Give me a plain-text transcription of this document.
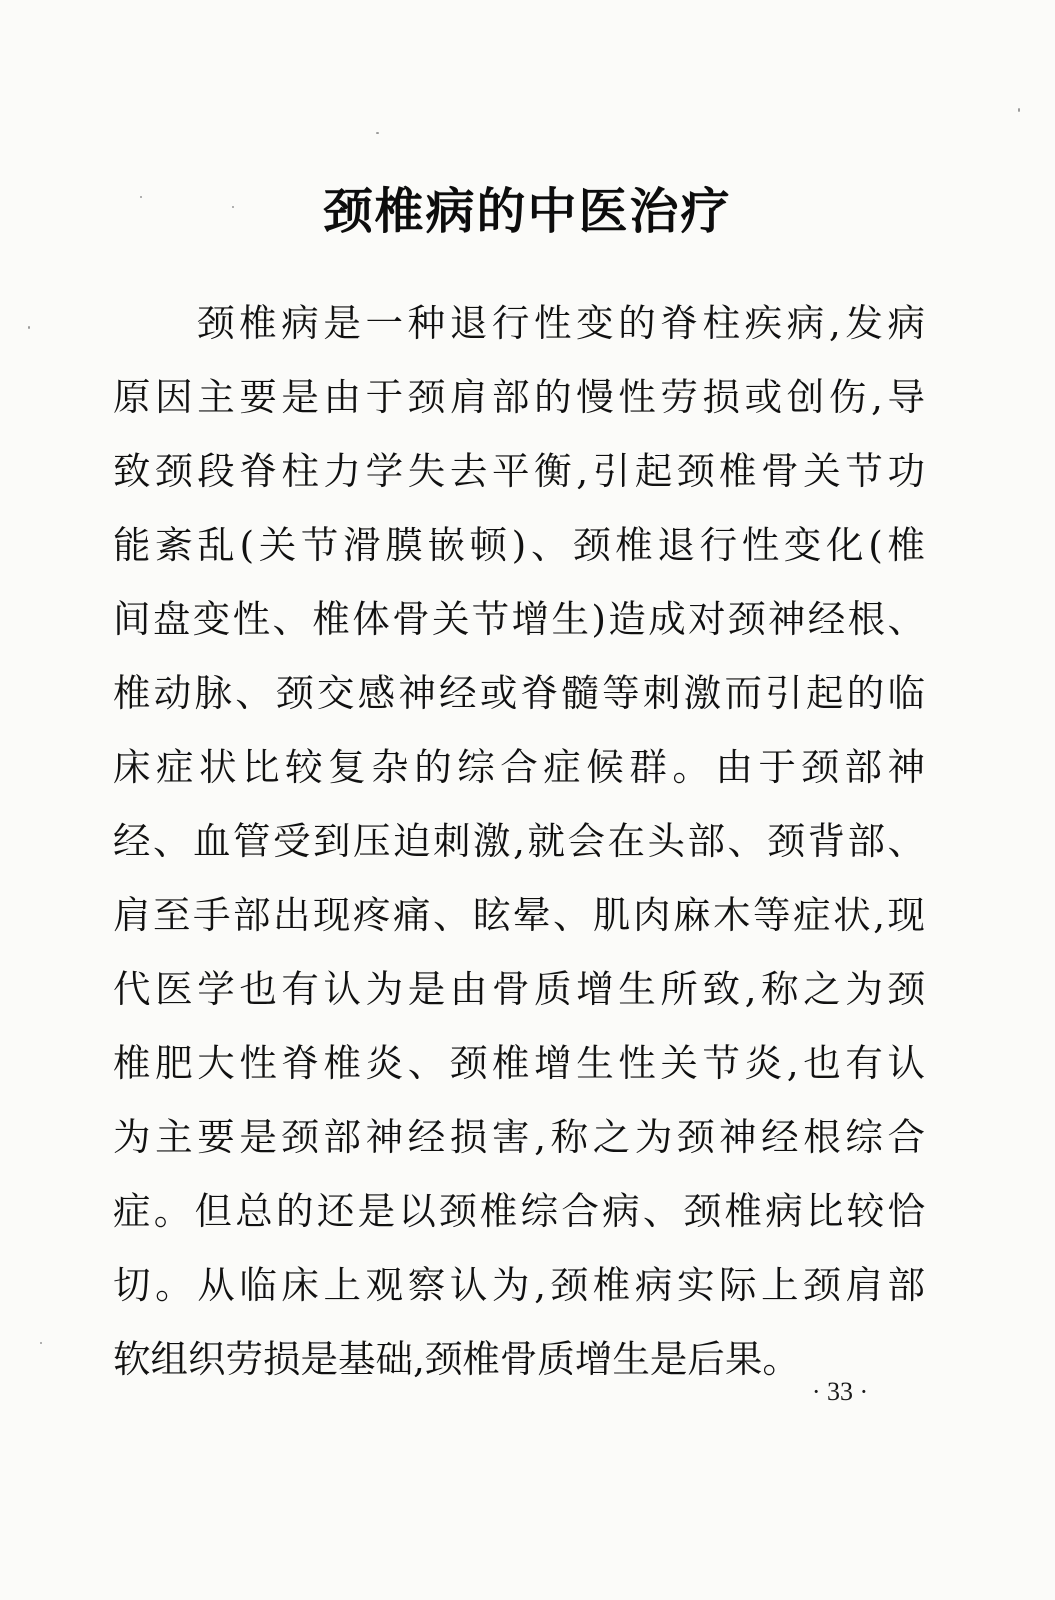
颈椎病的中医治疗
颈椎病是一种退行性变的脊柱疾病,发病
原因主要是由于颈肩部的慢性劳损或创伤,导
致颈段脊柱力学失去平衡,引起颈椎骨关节功
能紊乱(关节滑膜嵌顿)、颈椎退行性变化(椎
间盘变性、椎体骨关节增生)造成对颈神经根、
椎动脉、颈交感神经或脊髓等刺激而引起的临
床症状比较复杂的综合症候群。由于颈部神
经、血管受到压迫刺激,就会在头部、颈背部、
肩至手部出现疼痛、眩晕、肌肉麻木等症状,现
代医学也有认为是由骨质增生所致,称之为颈
椎肥大性脊椎炎、颈椎增生性关节炎,也有认
为主要是颈部神经损害,称之为颈神经根综合
症。但总的还是以颈椎综合病、颈椎病比较恰
切。从临床上观察认为,颈椎病实际上颈肩部
软组织劳损是基础,颈椎骨质增生是后果。
· 33 ·
